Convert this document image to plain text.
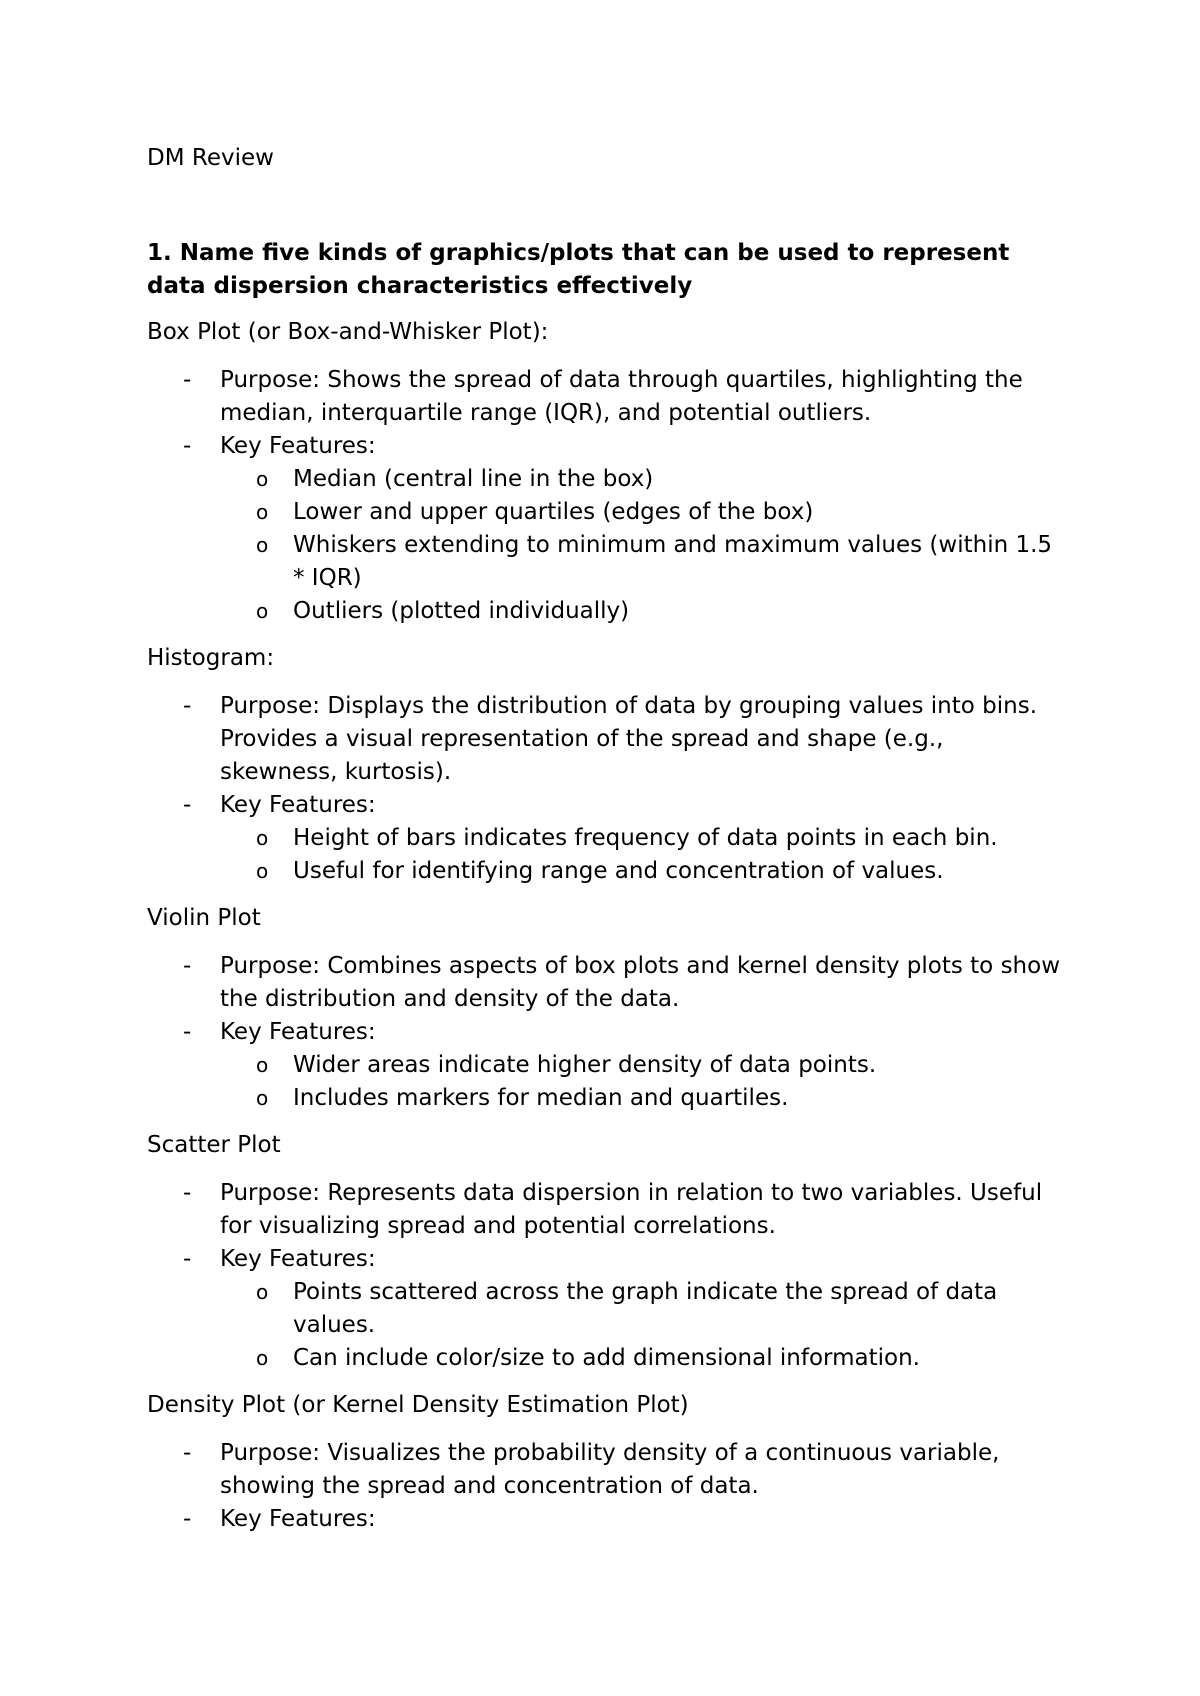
DM Review
1. Name five kinds of graphics/plots that can be used to represent data dispersion characteristics effectively
Box Plot (or Box-and-Whisker Plot):
- Purpose: Shows the spread of data through quartiles, highlighting the median, interquartile range (IQR), and potential outliers.
- Key Features:
o Median (central line in the box)
o Lower and upper quartiles (edges of the box)
o Whiskers extending to minimum and maximum values (within 1.5 * IQR)
o Outliers (plotted individually)
Histogram:
- Purpose: Displays the distribution of data by grouping values into bins. Provides a visual representation of the spread and shape (e.g., skewness, kurtosis).
- Key Features:
o Height of bars indicates frequency of data points in each bin.
o Useful for identifying range and concentration of values.
Violin Plot
- Purpose: Combines aspects of box plots and kernel density plots to show the distribution and density of the data.
- Key Features:
o Wider areas indicate higher density of data points.
o Includes markers for median and quartiles.
Scatter Plot
- Purpose: Represents data dispersion in relation to two variables. Useful for visualizing spread and potential correlations.
- Key Features:
o Points scattered across the graph indicate the spread of data values.
o Can include color/size to add dimensional information.
Density Plot (or Kernel Density Estimation Plot)
- Purpose: Visualizes the probability density of a continuous variable, showing the spread and concentration of data.
- Key Features:
